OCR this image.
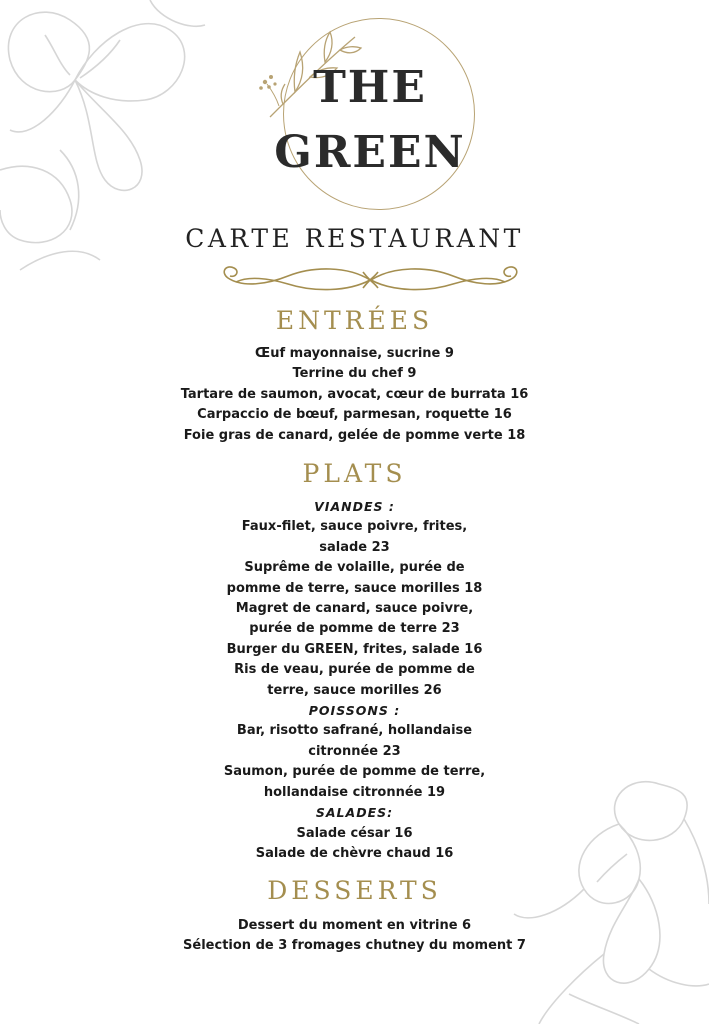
THE
GREEN
CARTE RESTAURANT
ENTRÉES
Œuf mayonnaise, sucrine 9
Terrine du chef 9
Tartare de saumon, avocat, cœur de burrata 16
Carpaccio de bœuf, parmesan, roquette 16
Foie gras de canard, gelée de pomme verte 18
PLATS
VIANDES :
Faux-filet, sauce poivre, frites,
salade 23
Suprême de volaille, purée de
pomme de terre, sauce morilles 18
Magret de canard, sauce poivre,
purée de pomme de terre 23
Burger du GREEN, frites, salade 16
Ris de veau, purée de pomme de
terre, sauce morilles 26
POISSONS :
Bar, risotto safrané, hollandaise
citronnée 23
Saumon, purée de pomme de terre,
hollandaise citronnée 19
SALADES:
Salade césar 16
Salade de chèvre chaud 16
DESSERTS
Dessert du moment en vitrine 6
Sélection de 3 fromages chutney du moment 7
